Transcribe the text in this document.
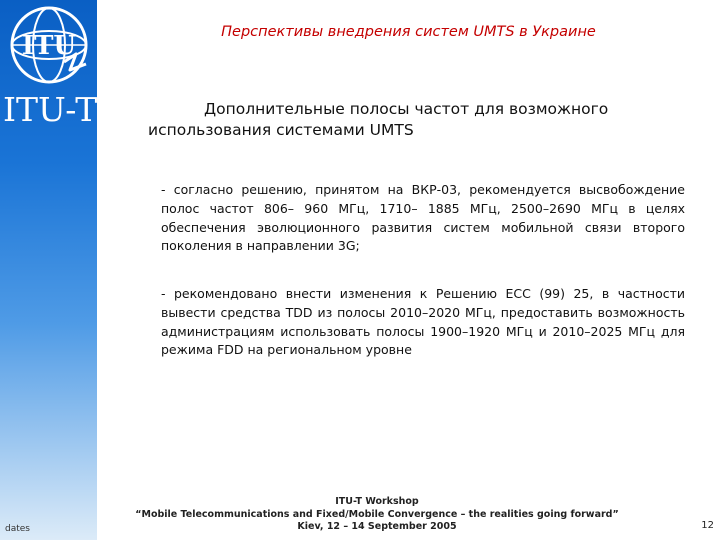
ITU
ITU-T
dates
Перспективы внедрения систем UMTS в Украине
Дополнительные полосы частот для возможного
использования системами UMTS
- согласно решению, принятом на ВКР-03, рекомендуется высвобождение полос частот 806– 960 МГц, 1710– 1885 МГц, 2500–2690 МГц в целях обеспечения эволюционного развития систем мобильной связи второго поколения в направлении 3G;
- рекомендовано внести изменения к Решению ECC (99) 25, в частности вывести средства TDD из полосы 2010–2020 МГц, предоставить возможность администрациям использовать полосы 1900–1920 МГц и 2010–2025 МГц для режима FDD на региональном уровне
ITU-T Workshop
“Mobile Telecommunications and Fixed/Mobile Convergence – the realities going forward”
Kiev, 12 – 14 September 2005	12
